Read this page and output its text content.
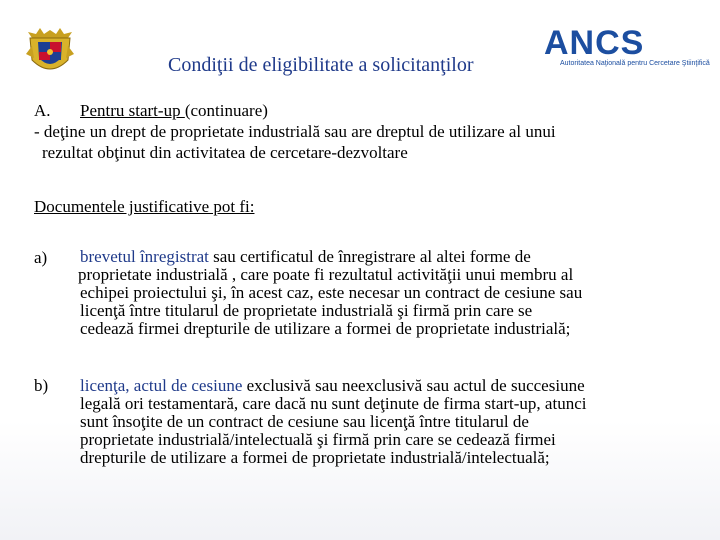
Condiţii de eligibilitate a solicitanţilor
ANCS
Autoritatea Naţională pentru Cercetare Ştiinţifică
A. Pentru start-up (continuare)
- deţine un drept de proprietate industrială sau are dreptul de utilizare al unui
rezultat obţinut din activitatea de cercetare-dezvoltare
Documentele justificative pot fi:
a) brevetul înregistrat sau certificatul de înregistrare al altei forme de
proprietate industrială , care poate fi rezultatul activităţii unui membru al
echipei proiectului şi, în acest caz, este necesar un contract de cesiune sau
licenţă între titularul de proprietate industrială şi firmă prin care se
cedează firmei drepturile de utilizare a formei de proprietate industrială;
b) licenţa, actul de cesiune exclusivă sau neexclusivă sau actul de succesiune
legală ori testamentară, care dacă nu sunt deţinute de firma start-up, atunci
sunt însoţite de un contract de cesiune sau licenţă între titularul de
proprietate industrială/intelectuală şi firmă prin care se cedează firmei
drepturile de utilizare a formei de proprietate industrială/intelectuală;
